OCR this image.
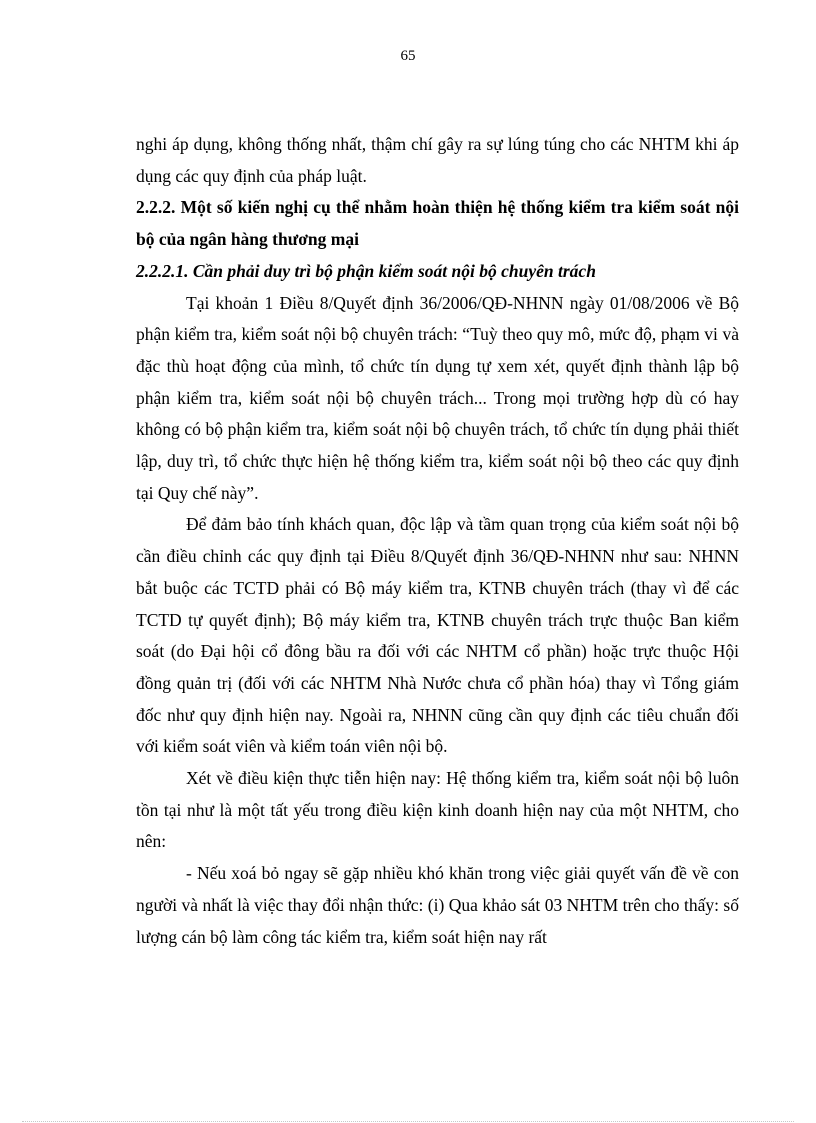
65

nghi áp dụng, không thống nhất, thậm chí gây ra sự lúng túng cho các NHTM khi áp dụng các quy định của pháp luật.

2.2.2. Một số kiến nghị cụ thể nhằm hoàn thiện hệ thống kiểm tra kiểm soát nội bộ của ngân hàng thương mại

2.2.2.1. Cần phải duy trì bộ phận kiểm soát nội bộ chuyên trách

Tại khoản 1 Điều 8/Quyết định 36/2006/QĐ-NHNN ngày 01/08/2006 về Bộ phận kiểm tra, kiểm soát nội bộ chuyên trách: “Tuỳ theo quy mô, mức độ, phạm vi và đặc thù hoạt động của mình, tổ chức tín dụng tự xem xét, quyết định thành lập bộ phận kiểm tra, kiểm soát nội bộ chuyên trách... Trong mọi trường hợp dù có hay không có bộ phận kiểm tra, kiểm soát nội bộ chuyên trách, tổ chức tín dụng phải thiết lập, duy trì, tổ chức thực hiện hệ thống kiểm tra, kiểm soát nội bộ theo các quy định tại Quy chế này”.

Để đảm bảo tính khách quan, độc lập và tầm quan trọng của kiểm soát nội bộ cần điều chỉnh các quy định tại Điều 8/Quyết định 36/QĐ-NHNN như sau: NHNN bắt buộc các TCTD phải có Bộ máy kiểm tra, KTNB chuyên trách (thay vì để các TCTD tự quyết định); Bộ máy kiểm tra, KTNB chuyên trách trực thuộc Ban kiểm soát (do Đại hội cổ đông bầu ra đối với các NHTM cổ phần) hoặc trực thuộc Hội đồng quản trị (đối với các NHTM Nhà Nước chưa cổ phần hóa) thay vì Tổng giám đốc như quy định hiện nay. Ngoài ra, NHNN cũng cần quy định các tiêu chuẩn đối với kiểm soát viên và kiểm toán viên nội bộ.

Xét về điều kiện thực tiễn hiện nay: Hệ thống kiểm tra, kiểm soát nội bộ luôn tồn tại như là một tất yếu trong điều kiện kinh doanh hiện nay của một NHTM, cho nên:

- Nếu xoá bỏ ngay sẽ gặp nhiều khó khăn trong việc giải quyết vấn đề về con người và nhất là việc thay đổi nhận thức: (i) Qua khảo sát 03 NHTM trên cho thấy: số lượng cán bộ làm công tác kiểm tra, kiểm soát hiện nay rất
